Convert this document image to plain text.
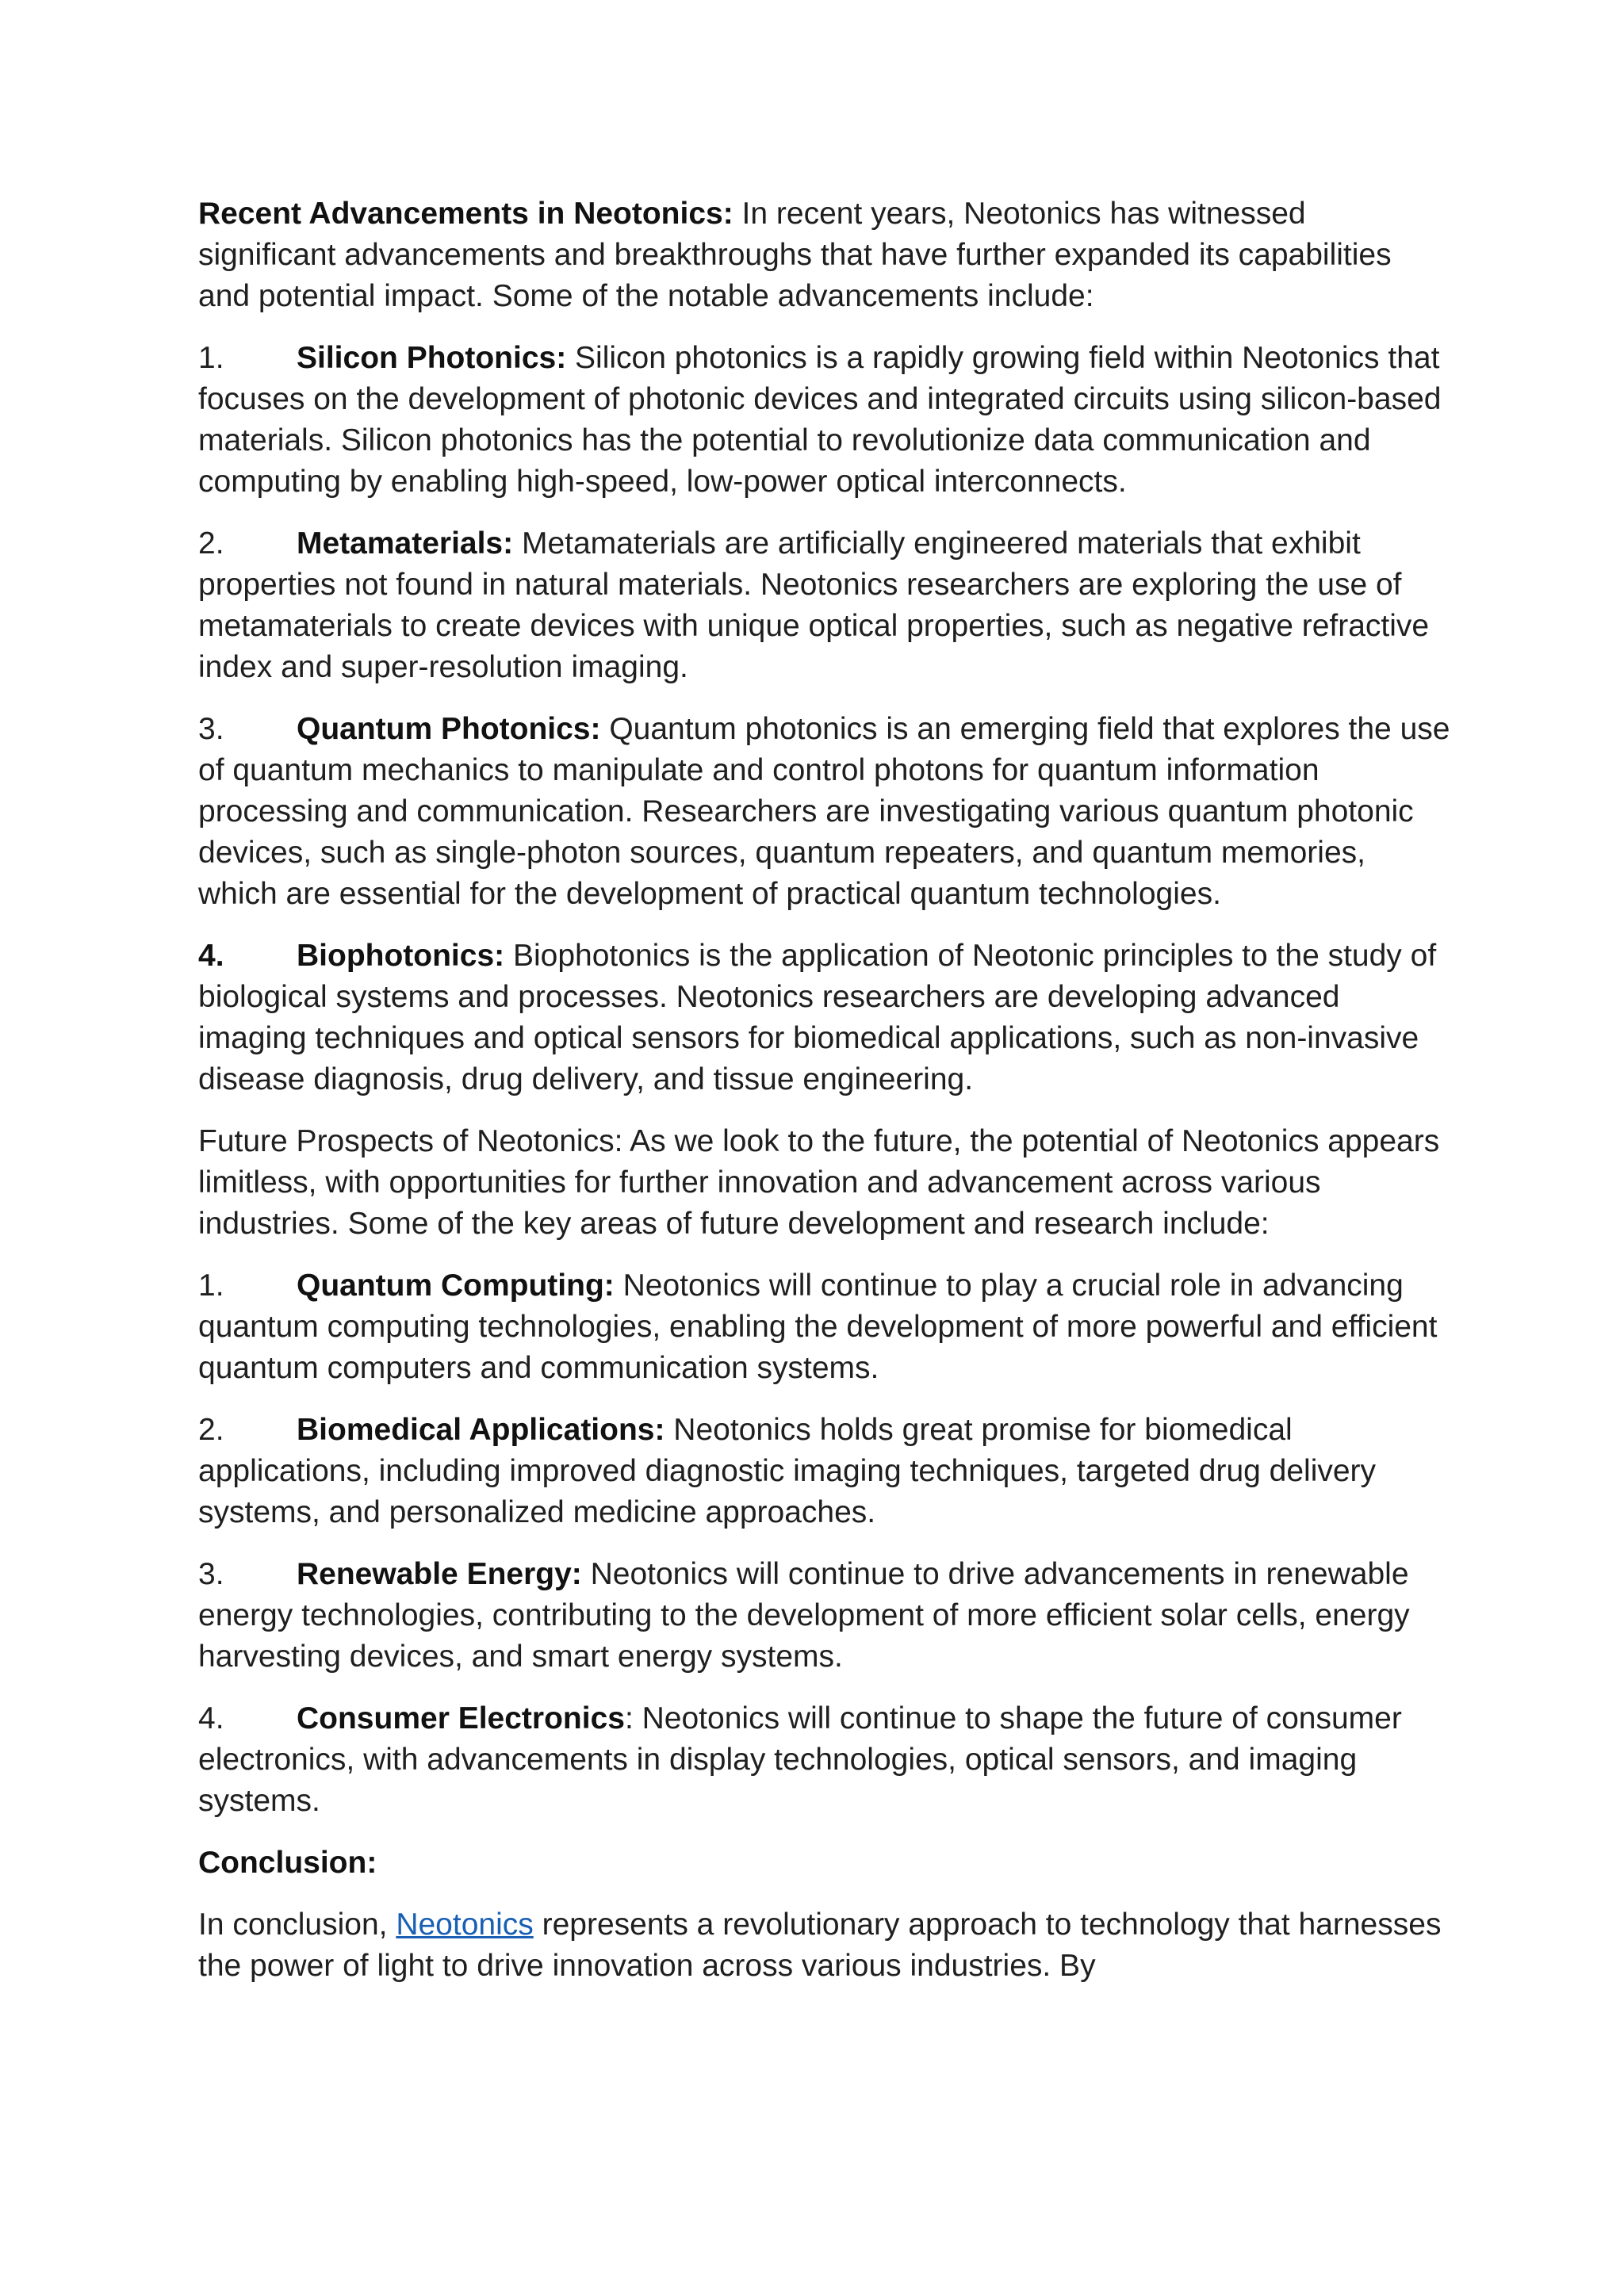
Recent Advancements in Neotonics: In recent years, Neotonics has witnessed significant advancements and breakthroughs that have further expanded its capabilities and potential impact. Some of the notable advancements include:

1. Silicon Photonics: Silicon photonics is a rapidly growing field within Neotonics that focuses on the development of photonic devices and integrated circuits using silicon-based materials. Silicon photonics has the potential to revolutionize data communication and computing by enabling high-speed, low-power optical interconnects.

2. Metamaterials: Metamaterials are artificially engineered materials that exhibit properties not found in natural materials. Neotonics researchers are exploring the use of metamaterials to create devices with unique optical properties, such as negative refractive index and super-resolution imaging.

3. Quantum Photonics: Quantum photonics is an emerging field that explores the use of quantum mechanics to manipulate and control photons for quantum information processing and communication. Researchers are investigating various quantum photonic devices, such as single-photon sources, quantum repeaters, and quantum memories, which are essential for the development of practical quantum technologies.

4. Biophotonics: Biophotonics is the application of Neotonic principles to the study of biological systems and processes. Neotonics researchers are developing advanced imaging techniques and optical sensors for biomedical applications, such as non-invasive disease diagnosis, drug delivery, and tissue engineering.

Future Prospects of Neotonics: As we look to the future, the potential of Neotonics appears limitless, with opportunities for further innovation and advancement across various industries. Some of the key areas of future development and research include:

1. Quantum Computing: Neotonics will continue to play a crucial role in advancing quantum computing technologies, enabling the development of more powerful and efficient quantum computers and communication systems.

2. Biomedical Applications: Neotonics holds great promise for biomedical applications, including improved diagnostic imaging techniques, targeted drug delivery systems, and personalized medicine approaches.

3. Renewable Energy: Neotonics will continue to drive advancements in renewable energy technologies, contributing to the development of more efficient solar cells, energy harvesting devices, and smart energy systems.

4. Consumer Electronics: Neotonics will continue to shape the future of consumer electronics, with advancements in display technologies, optical sensors, and imaging systems.

Conclusion:

In conclusion, Neotonics represents a revolutionary approach to technology that harnesses the power of light to drive innovation across various industries. By
